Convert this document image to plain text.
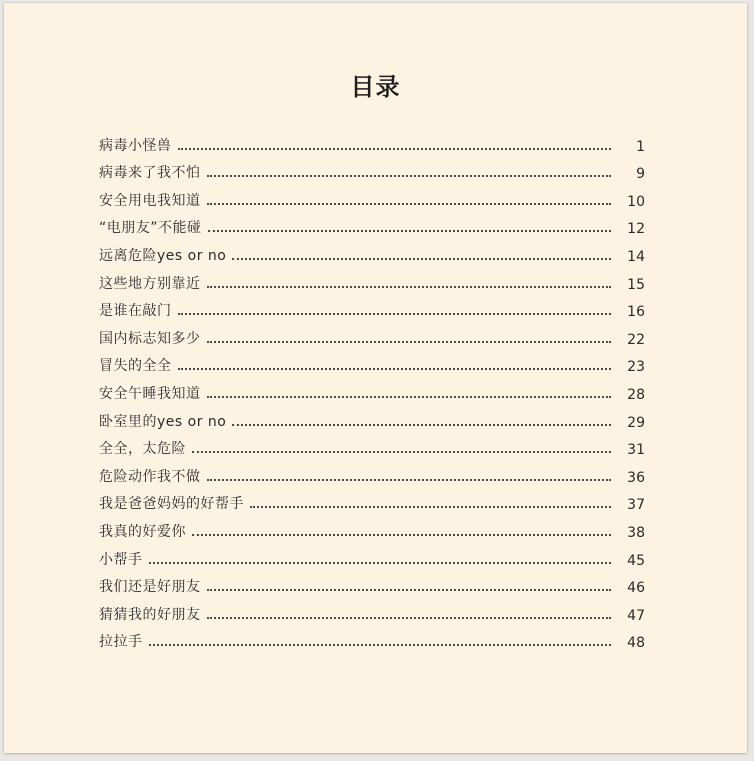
目录
病毒小怪兽	1
病毒来了我不怕	9
安全用电我知道	10
“电朋友”不能碰	12
远离危险yes or no	14
这些地方别靠近	15
是谁在敲门	16
国内标志知多少	22
冒失的全全	23
安全午睡我知道	28
卧室里的yes or no	29
全全，太危险	31
危险动作我不做	36
我是爸爸妈妈的好帮手	37
我真的好爱你	38
小帮手	45
我们还是好朋友	46
猜猜我的好朋友	47
拉拉手	48
